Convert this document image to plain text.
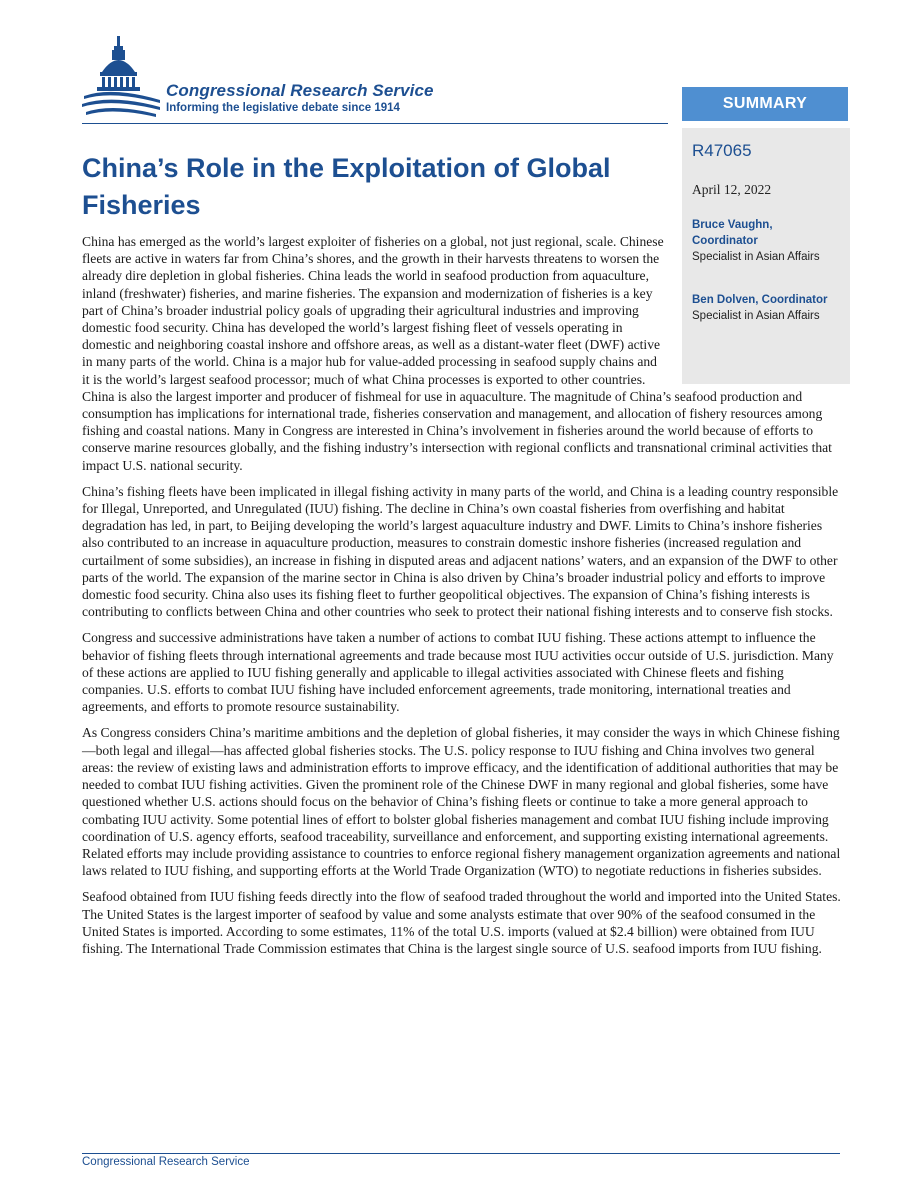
Congressional Research Service
Informing the legislative debate since 1914	SUMMARY
R47065
April 12, 2022
Bruce Vaughn,
Coordinator
Specialist in Asian Affairs
Ben Dolven, Coordinator
Specialist in Asian Affairs
China’s Role in the Exploitation of Global Fisheries

China has emerged as the world’s largest exploiter of fisheries on a global, not just regional, scale. Chinese fleets are active in waters far from China’s shores, and the growth in their harvests threatens to worsen the already dire depletion in global fisheries. China leads the world in seafood production from aquaculture, inland (freshwater) fisheries, and marine fisheries. The expansion and modernization of fisheries is a key part of China’s broader industrial policy goals of upgrading their agricultural industries and improving domestic food security. China has developed the world’s largest fishing fleet of vessels operating in domestic and neighboring coastal inshore and offshore areas, as well as a distant-water fleet (DWF) active in many parts of the world. China is a major hub for value-added processing in seafood supply chains and it is the world’s largest seafood processor; much of what China processes is exported to other countries. China is also the largest importer and producer of fishmeal for use in aquaculture. The magnitude of China’s seafood production and consumption has implications for international trade, fisheries conservation and management, and allocation of fishery resources among fishing and coastal nations. Many in Congress are interested in China’s involvement in fisheries around the world because of efforts to conserve marine resources globally, and the fishing industry’s intersection with regional conflicts and transnational criminal activities that impact U.S. national security.

China’s fishing fleets have been implicated in illegal fishing activity in many parts of the world, and China is a leading country responsible for Illegal, Unreported, and Unregulated (IUU) fishing. The decline in China’s own coastal fisheries from overfishing and habitat degradation has led, in part, to Beijing developing the world’s largest aquaculture industry and DWF. Limits to China’s inshore fisheries also contributed to an increase in aquaculture production, measures to constrain domestic inshore fisheries (increased regulation and curtailment of some subsidies), an increase in fishing in disputed areas and adjacent nations’ waters, and an expansion of the DWF to other parts of the world. The expansion of the marine sector in China is also driven by China’s broader industrial policy and efforts to improve domestic food security. China also uses its fishing fleet to further geopolitical objectives. The expansion of China’s fishing interests is contributing to conflicts between China and other countries who seek to protect their national fishing interests and to conserve fish stocks.

Congress and successive administrations have taken a number of actions to combat IUU fishing. These actions attempt to influence the behavior of fishing fleets through international agreements and trade because most IUU activities occur outside of U.S. jurisdiction. Many of these actions are applied to IUU fishing generally and applicable to illegal activities associated with Chinese fleets and fishing companies. U.S. efforts to combat IUU fishing have included enforcement agreements, trade monitoring, international treaties and agreements, and efforts to promote resource sustainability.

As Congress considers China’s maritime ambitions and the depletion of global fisheries, it may consider the ways in which Chinese fishing—both legal and illegal—has affected global fisheries stocks. The U.S. policy response to IUU fishing and China involves two general areas: the review of existing laws and administration efforts to improve efficacy, and the identification of additional authorities that may be needed to combat IUU fishing activities. Given the prominent role of the Chinese DWF in many regional and global fisheries, some have questioned whether U.S. actions should focus on the behavior of China’s fishing fleets or continue to take a more general approach to combating IUU activity. Some potential lines of effort to bolster global fisheries management and combat IUU fishing include improving coordination of U.S. agency efforts, seafood traceability, surveillance and enforcement, and supporting existing international agreements. Related efforts may include providing assistance to countries to enforce regional fishery management organization agreements and national laws related to IUU fishing, and supporting efforts at the World Trade Organization (WTO) to negotiate reductions in fisheries subsides.

Seafood obtained from IUU fishing feeds directly into the flow of seafood traded throughout the world and imported into the United States. The United States is the largest importer of seafood by value and some analysts estimate that over 90% of the seafood consumed in the United States is imported. According to some estimates, 11% of the total U.S. imports (valued at $2.4 billion) were obtained from IUU fishing. The International Trade Commission estimates that China is the largest single source of U.S. seafood imports from IUU fishing.

Congressional Research Service
